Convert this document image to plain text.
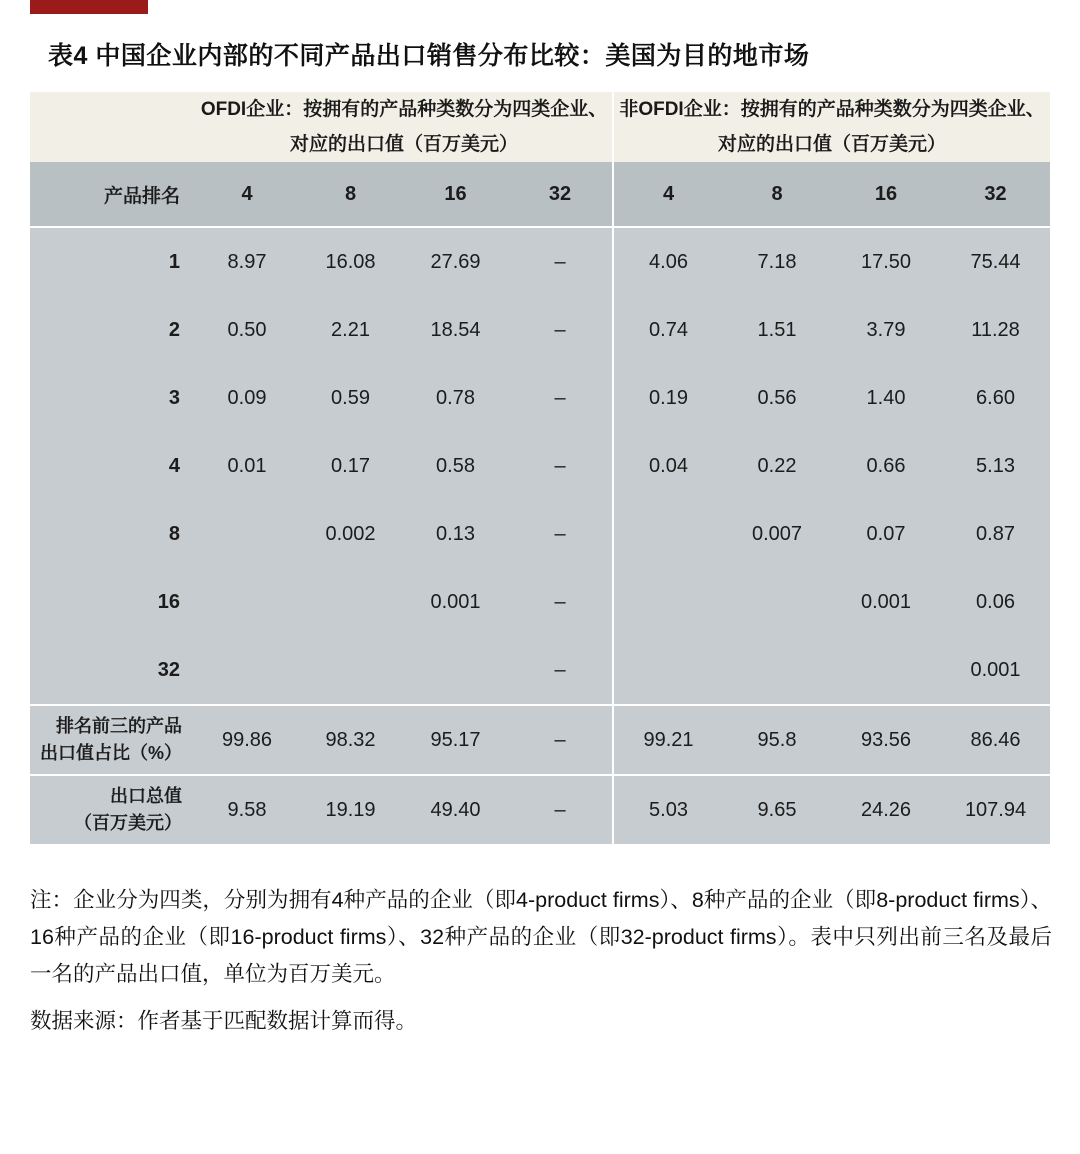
表4 中国企业内部的不同产品出口销售分布比较：美国为目的地市场
	OFDI企业：按拥有的产品种类数分为四类企业、对应的出口值（百万美元）				非OFDI企业：按拥有的产品种类数分为四类企业、对应的出口值（百万美元）			
产品排名	4	8	16	32	4	8	16	32
1	8.97	16.08	27.69	–	4.06	7.18	17.50	75.44
2	0.50	2.21	18.54	–	0.74	1.51	3.79	11.28
3	0.09	0.59	0.78	–	0.19	0.56	1.40	6.60
4	0.01	0.17	0.58	–	0.04	0.22	0.66	5.13
8		0.002	0.13	–		0.007	0.07	0.87
16			0.001	–			0.001	0.06
32				–				0.001

排名前三的产品
出口值占比（%）	99.86	98.32	95.17	–	99.21	95.8	93.56	86.46

出口总值
（百万美元）	9.58	19.19	49.40	–	5.03	9.65	24.26	107.94

注：企业分为四类，分别为拥有4种产品的企业（即4-product firms）、8种产品的企业（即8-product firms）、16种产品的企业（即16-product firms）、32种产品的企业（即32-product firms）。表中只列出前三名及最后一名的产品出口值，单位为百万美元。

数据来源：作者基于匹配数据计算而得。
